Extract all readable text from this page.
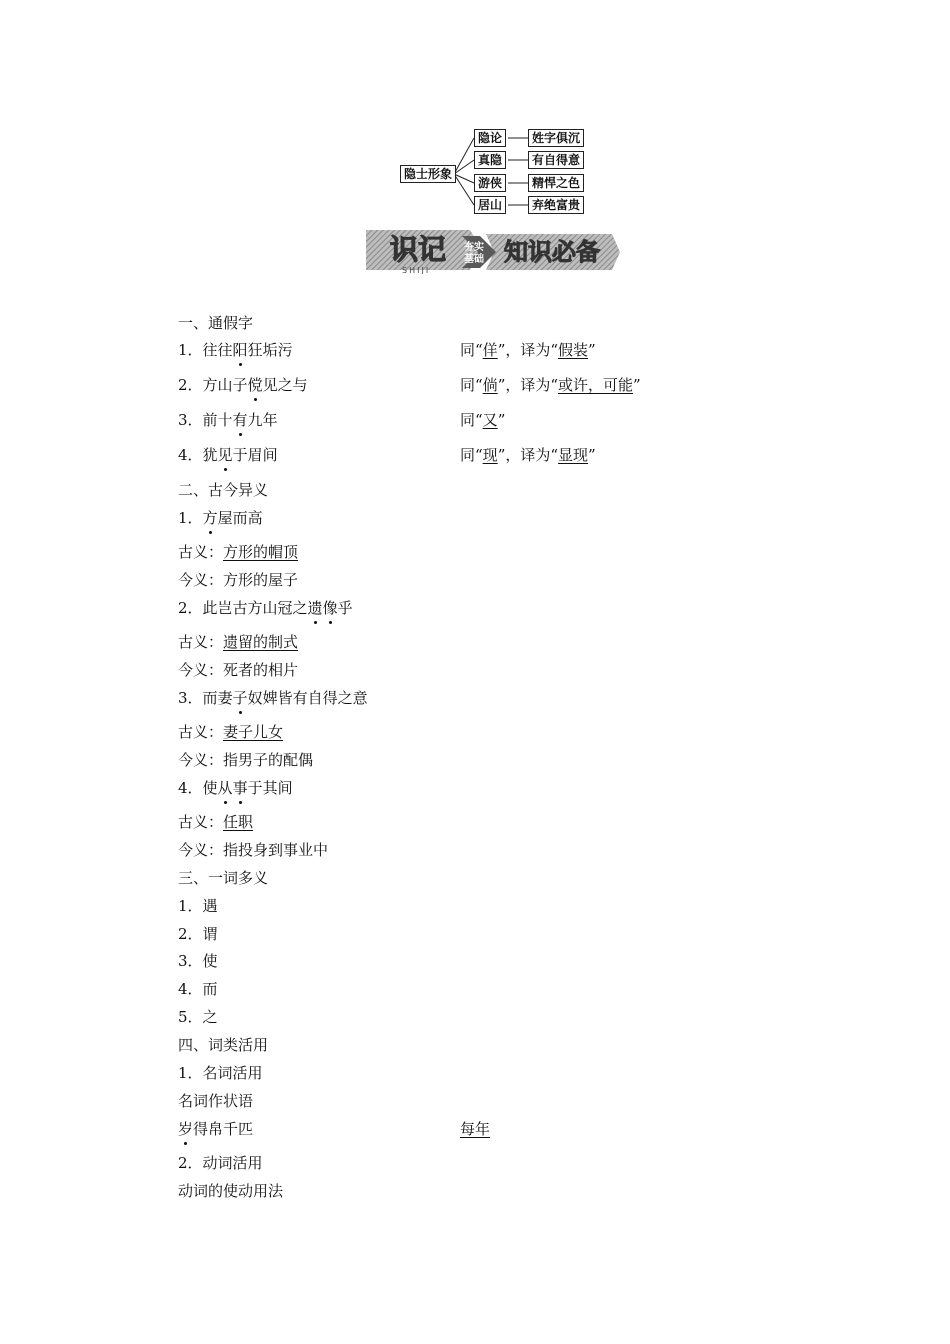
隐士形象
隐论
真隐
游侠
居山
姓字俱沉
有自得意
精悍之色
弃绝富贵
识记 夯实
基础
SHIJI
知识必备
一、通假字
1．往往阳狂垢污	同“佯”，译为“假装”
2．方山子傥见之与	同“倘”，译为“或许，可能”
3．前十有九年	同“又”
4．犹见于眉间	同“现”，译为“显现”
二、古今异义
1．方屋而高
古义：方形的帽顶
今义：方形的屋子
2．此岂古方山冠之遗像乎
古义：遗留的制式
今义：死者的相片
3．而妻子奴婢皆有自得之意
古义：妻子儿女
今义：指男子的配偶
4．使从事于其间
古义：任职
今义：指投身到事业中
三、一词多义
1．遇
2．谓
3．使
4．而
5．之
四、词类活用
1．名词活用
名词作状语
岁得帛千匹	每年
2．动词活用
动词的使动用法
